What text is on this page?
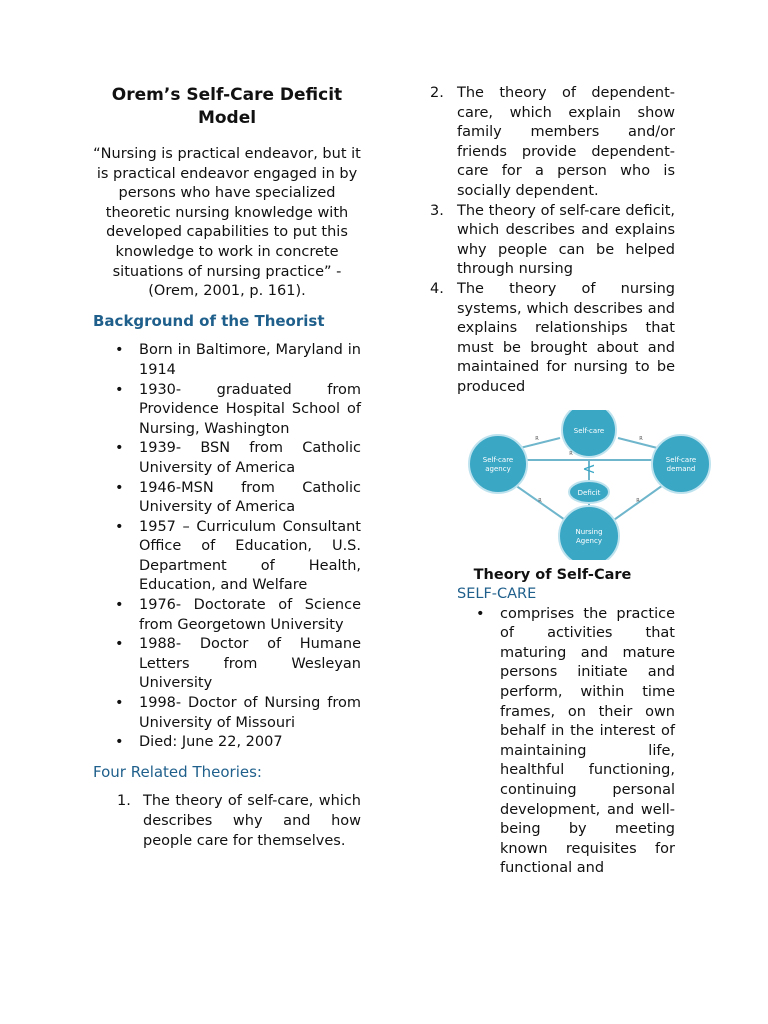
Orem’s Self-Care Deficit Model
“Nursing is practical endeavor, but it is practical endeavor engaged in by persons who have specialized theoretic nursing knowledge with developed capabilities to put this knowledge to work in concrete situations of nursing practice” -(Orem, 2001, p. 161).
Background of the Theorist
• Born in Baltimore, Maryland in 1914
• 1930- graduated from Providence Hospital School of Nursing, Washington
• 1939- BSN from Catholic University of America
• 1946-MSN from Catholic University of America
• 1957 – Curriculum Consultant Office of Education, U.S. Department of Health, Education, and Welfare
• 1976- Doctorate of Science from Georgetown University
• 1988- Doctor of Humane Letters from Wesleyan University
• 1998- Doctor of Nursing from University of Missouri
• Died: June 22, 2007
Four Related Theories:
1. The theory of self-care, which describes why and how people care for themselves.
2. The theory of dependent-care, which explain show family members and/or friends provide dependent-care for a person who is socially dependent.
3. The theory of self-care deficit, which describes and explains why people can be helped through nursing
4. The theory of nursing systems, which describes and explains relationships that must be brought about and maintained for nursing to be produced
Self-care
Self-care
agency
Self-care
demand
Deficit
Nursing
Agency
R	R
R	R
R
<
Theory of Self-Care
SELF-CARE
• comprises the practice of activities that maturing and mature persons initiate and perform, within time frames, on their own behalf in the interest of maintaining life, healthful functioning, continuing personal development, and well-being by meeting known requisites for functional and
